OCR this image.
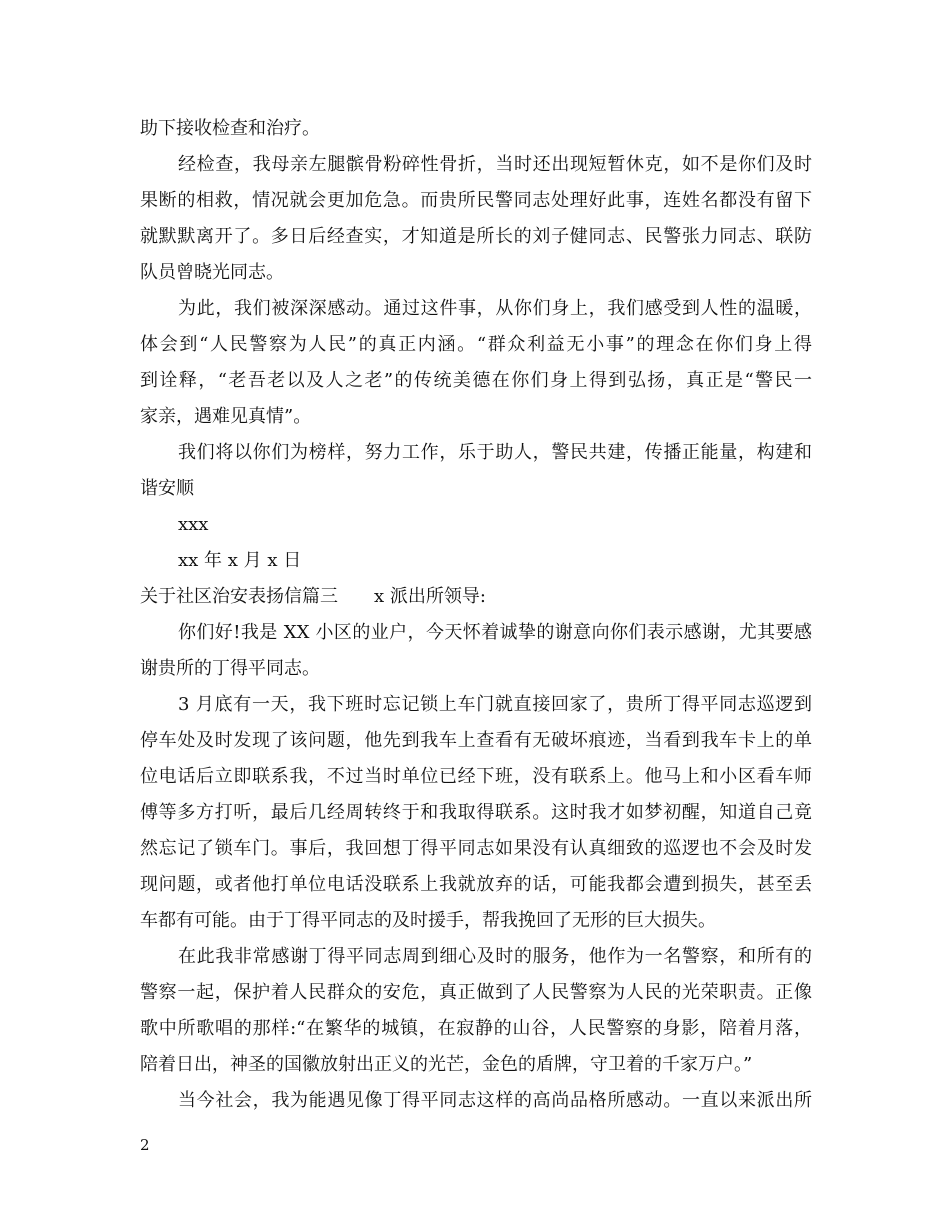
助下接收检查和治疗。
经检查，我母亲左腿髌骨粉碎性骨折，当时还出现短暂休克，如不是你们及时
果断的相救，情况就会更加危急。而贵所民警同志处理好此事，连姓名都没有留下
就默默离开了。多日后经查实，才知道是所长的刘子健同志、民警张力同志、联防
队员曾晓光同志。
为此，我们被深深感动。通过这件事，从你们身上，我们感受到人性的温暖，
体会到“人民警察为人民”的真正内涵。“群众利益无小事”的理念在你们身上得
到诠释，“老吾老以及人之老”的传统美德在你们身上得到弘扬，真正是“警民一
家亲，遇难见真情”。
我们将以你们为榜样，努力工作，乐于助人，警民共建，传播正能量，构建和
谐安顺
xxx
xx 年 x 月 x 日
关于社区治安表扬信篇三　　x 派出所领导:
你们好!我是 XX 小区的业户，今天怀着诚挚的谢意向你们表示感谢，尤其要感
谢贵所的丁得平同志。
3 月底有一天，我下班时忘记锁上车门就直接回家了，贵所丁得平同志巡逻到
停车处及时发现了该问题，他先到我车上查看有无破坏痕迹，当看到我车卡上的单
位电话后立即联系我，不过当时单位已经下班，没有联系上。他马上和小区看车师
傅等多方打听，最后几经周转终于和我取得联系。这时我才如梦初醒，知道自己竟
然忘记了锁车门。事后，我回想丁得平同志如果没有认真细致的巡逻也不会及时发
现问题，或者他打单位电话没联系上我就放弃的话，可能我都会遭到损失，甚至丢
车都有可能。由于丁得平同志的及时援手，帮我挽回了无形的巨大损失。
在此我非常感谢丁得平同志周到细心及时的服务，他作为一名警察，和所有的
警察一起，保护着人民群众的安危，真正做到了人民警察为人民的光荣职责。正像
歌中所歌唱的那样:“在繁华的城镇，在寂静的山谷，人民警察的身影，陪着月落，
陪着日出，神圣的国徽放射出正义的光芒，金色的盾牌，守卫着的千家万户。”
当今社会，我为能遇见像丁得平同志这样的高尚品格所感动。一直以来派出所
2
